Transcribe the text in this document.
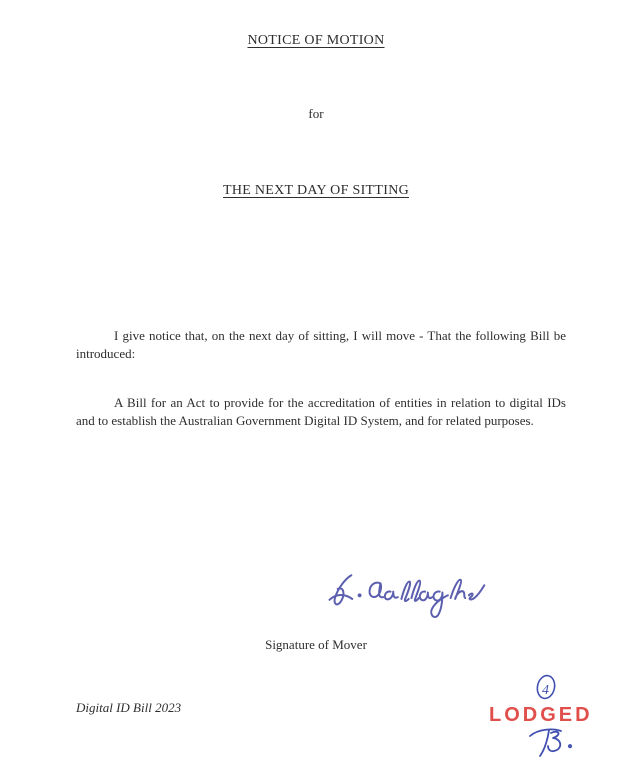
NOTICE OF MOTION
for
THE NEXT DAY OF SITTING
I give notice that, on the next day of sitting, I will move - That the following Bill be
introduced:
A Bill for an Act to provide for the accreditation of entities in relation to digital IDs
and to establish the Australian Government Digital ID System, and for related purposes.
Signature of Mover
Digital ID Bill 2023
4
LODGED
